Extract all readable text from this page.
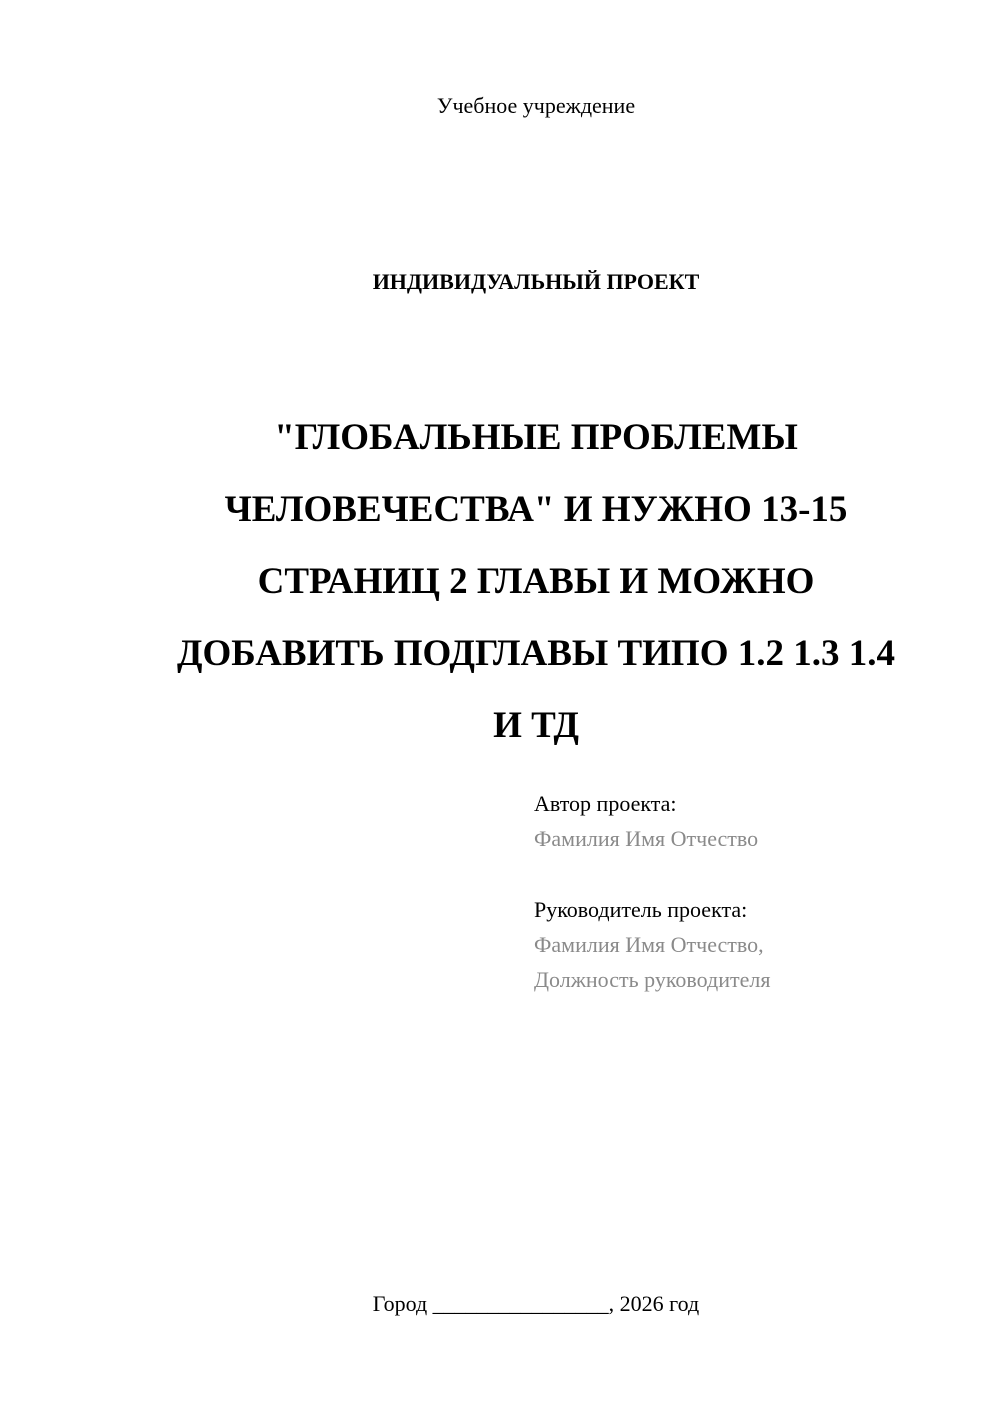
Учебное учреждение
ИНДИВИДУАЛЬНЫЙ ПРОЕКТ

"ГЛОБАЛЬНЫЕ ПРОБЛЕМЫ

ЧЕЛОВЕЧЕСТВА" И НУЖНО 13-15

СТРАНИЦ 2 ГЛАВЫ И МОЖНО

ДОБАВИТЬ ПОДГЛАВЫ ТИПО 1.2 1.3 1.4

И ТД

Автор проекта:
Фамилия Имя Отчество
Руководитель проекта:
Фамилия Имя Отчество,
Должность руководителя
Город ________________, 2026 год
